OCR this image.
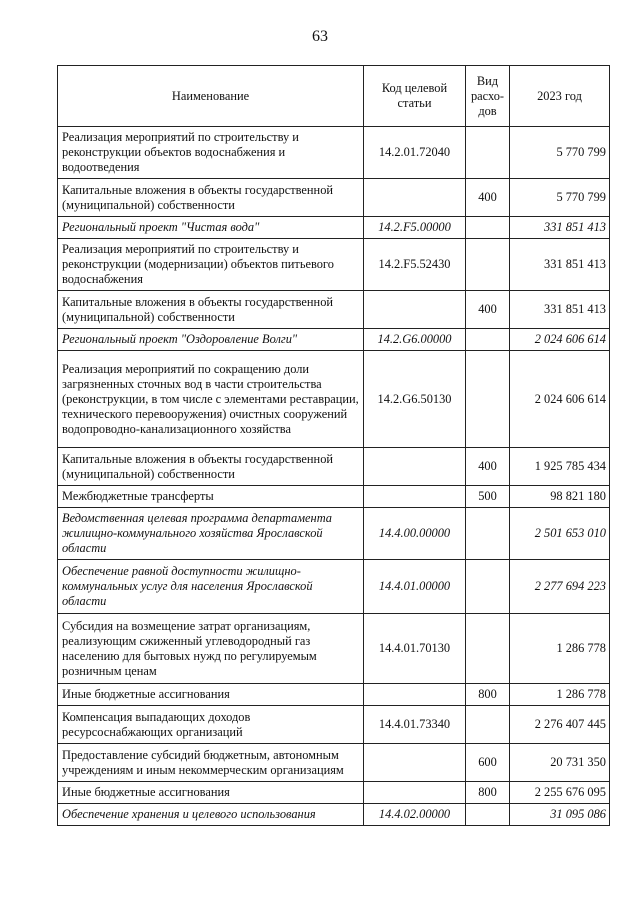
63
Наименование	Код целевой статьи	Вид расхо-дов	2023 год
Реализация мероприятий по строительству и реконструкции объектов водоснабжения и водоотведения	14.2.01.72040		5 770 799
Капитальные вложения в объекты государственной (муниципальной) собственности		400	5 770 799
Региональный проект "Чистая вода"	14.2.F5.00000		331 851 413
Реализация мероприятий по строительству и реконструкции (модернизации) объектов питьевого водоснабжения	14.2.F5.52430		331 851 413
Капитальные вложения в объекты государственной (муниципальной) собственности		400	331 851 413
Региональный проект "Оздоровление Волги"	14.2.G6.00000		2 024 606 614
Реализация мероприятий по сокращению доли загрязненных сточных вод в части строительства (реконструкции, в том числе с элементами реставрации, технического перевооружения) очистных сооружений водопроводно-канализационного хозяйства	14.2.G6.50130		2 024 606 614
Капитальные вложения в объекты государственной (муниципальной) собственности		400	1 925 785 434
Межбюджетные трансферты		500	98 821 180
Ведомственная целевая программа департамента жилищно-коммунального хозяйства Ярославской области	14.4.00.00000		2 501 653 010
Обеспечение равной доступности жилищно-коммунальных услуг для населения Ярославской области	14.4.01.00000		2 277 694 223
Субсидия на возмещение затрат организациям, реализующим сжиженный углеводородный газ населению для бытовых нужд по регулируемым розничным ценам	14.4.01.70130		1 286 778
Иные бюджетные ассигнования		800	1 286 778
Компенсация выпадающих доходов ресурсоснабжающих организаций	14.4.01.73340		2 276 407 445
Предоставление субсидий бюджетным, автономным учреждениям и иным некоммерческим организациям		600	20 731 350
Иные бюджетные ассигнования		800	2 255 676 095
Обеспечение хранения и целевого использования	14.4.02.00000		31 095 086
